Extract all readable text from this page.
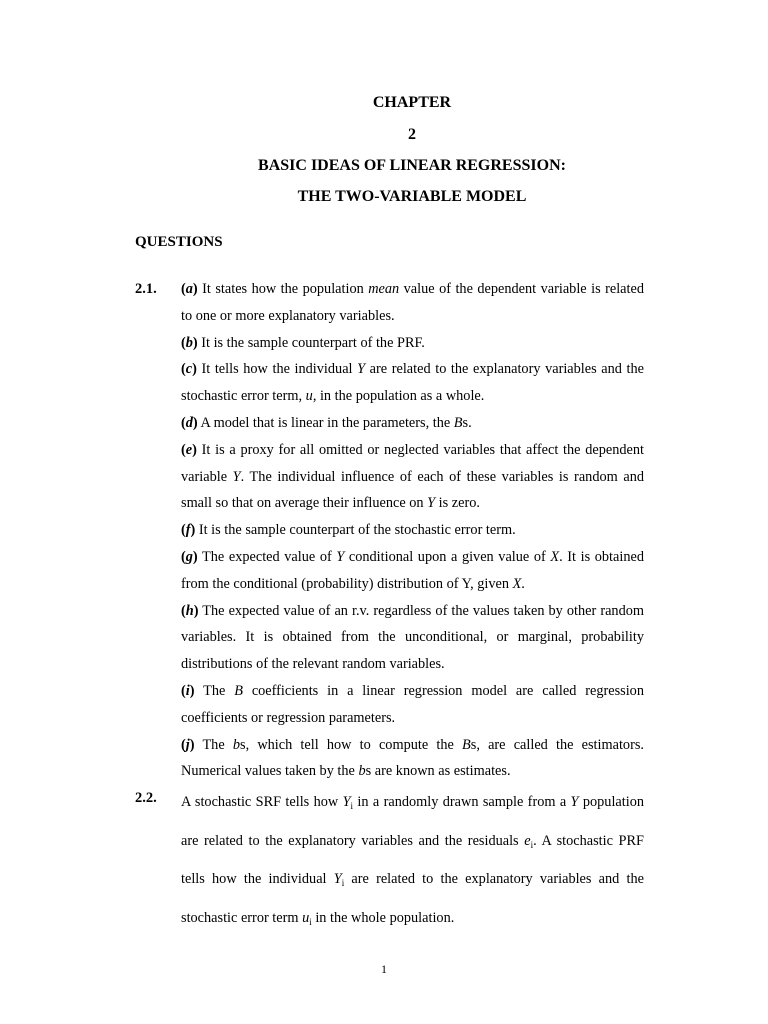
CHAPTER
2
BASIC IDEAS OF LINEAR REGRESSION:
THE TWO-VARIABLE MODEL
QUESTIONS
2.1. (a) It states how the population mean value of the dependent variable is related to one or more explanatory variables.

(b) It is the sample counterpart of the PRF.

(c) It tells how the individual Y are related to the explanatory variables and the stochastic error term, u, in the population as a whole.

(d) A model that is linear in the parameters, the Bs.

(e) It is a proxy for all omitted or neglected variables that affect the dependent variable Y. The individual influence of each of these variables is random and small so that on average their influence on Y is zero.

(f) It is the sample counterpart of the stochastic error term.

(g) The expected value of Y conditional upon a given value of X. It is obtained from the conditional (probability) distribution of Y, given X.

(h) The expected value of an r.v. regardless of the values taken by other random variables. It is obtained from the unconditional, or marginal, probability distributions of the relevant random variables.

(i) The B coefficients in a linear regression model are called regression coefficients or regression parameters.

(j) The bs, which tell how to compute the Bs, are called the estimators. Numerical values taken by the bs are known as estimates.

2.2. A stochastic SRF tells how $Y_i$ in a randomly drawn sample from a Y population are related to the explanatory variables and the residuals $e_i$. A stochastic PRF tells how the individual $Y_i$ are related to the explanatory variables and the stochastic error term $u_i$ in the whole population.
1
